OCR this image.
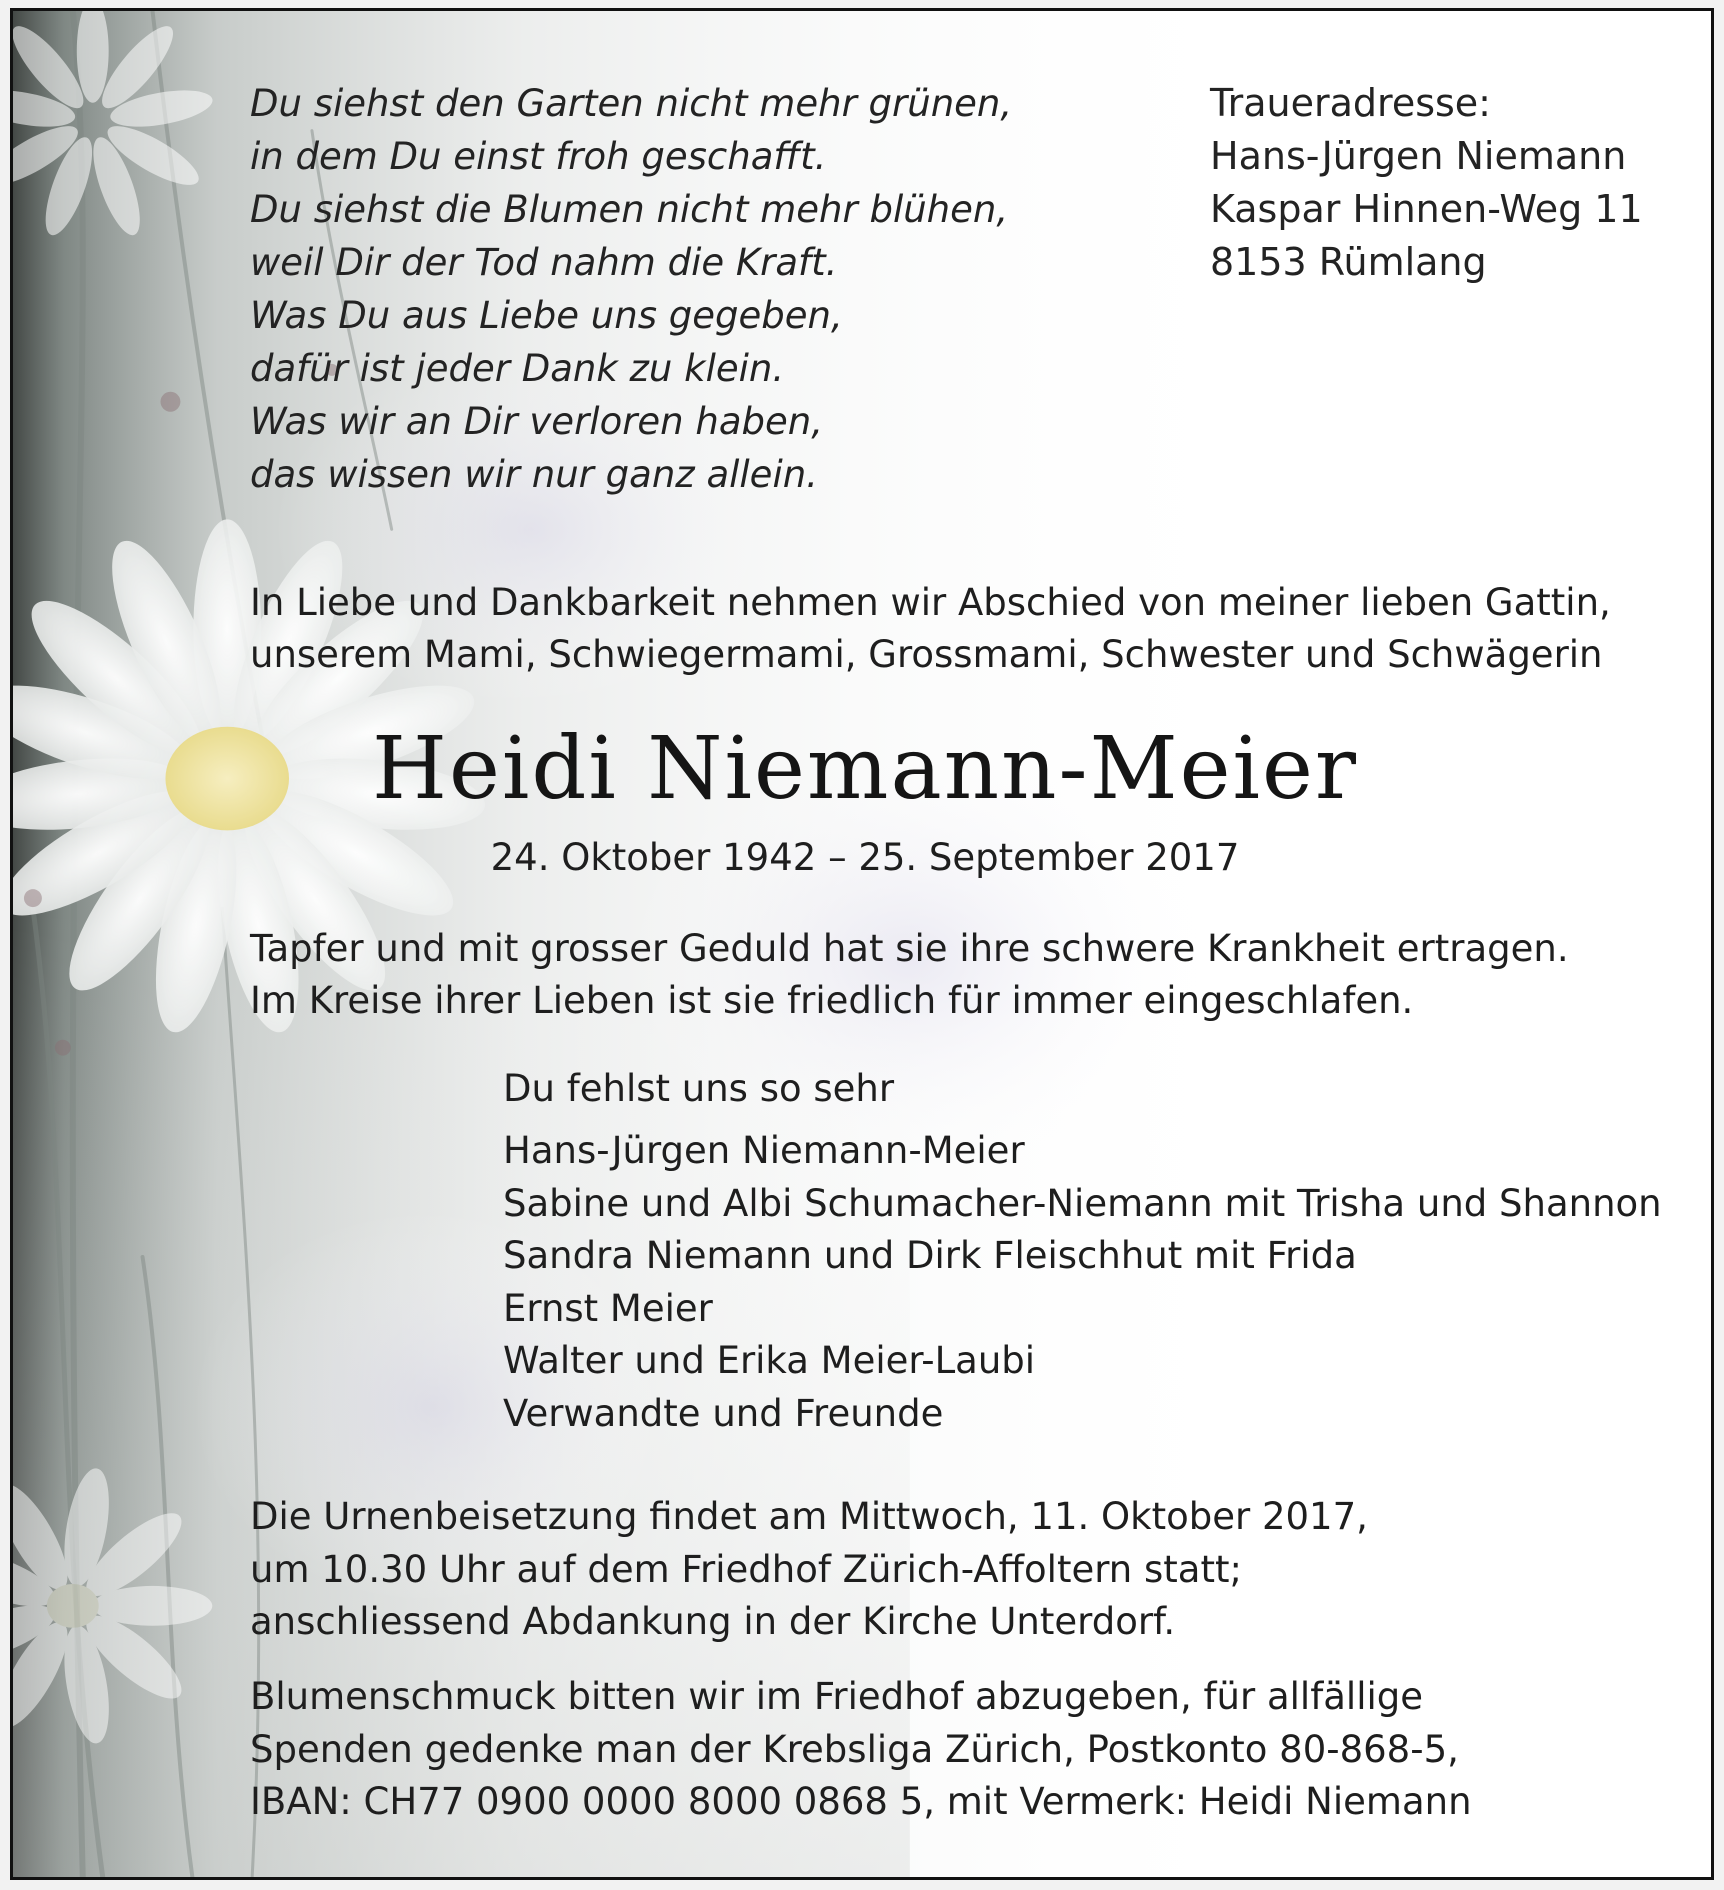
Du siehst den Garten nicht mehr grünen,
in dem Du einst froh geschafft.
Du siehst die Blumen nicht mehr blühen,
weil Dir der Tod nahm die Kraft.
Was Du aus Liebe uns gegeben,
dafür ist jeder Dank zu klein.
Was wir an Dir verloren haben,
das wissen wir nur ganz allein.
Traueradresse:
Hans-Jürgen Niemann
Kaspar Hinnen-Weg 11
8153 Rümlang
In Liebe und Dankbarkeit nehmen wir Abschied von meiner lieben Gattin,
unserem Mami, Schwiegermami, Grossmami, Schwester und Schwägerin
Heidi Niemann-Meier
24. Oktober 1942 – 25. September 2017
Tapfer und mit grosser Geduld hat sie ihre schwere Krankheit ertragen.
Im Kreise ihrer Lieben ist sie friedlich für immer eingeschlafen.
Du fehlst uns so sehr
Hans-Jürgen Niemann-Meier
Sabine und Albi Schumacher-Niemann mit Trisha und Shannon
Sandra Niemann und Dirk Fleischhut mit Frida
Ernst Meier
Walter und Erika Meier-Laubi
Verwandte und Freunde
Die Urnenbeisetzung findet am Mittwoch, 11. Oktober 2017,
um 10.30 Uhr auf dem Friedhof Zürich-Affoltern statt;
anschliessend Abdankung in der Kirche Unterdorf.
Blumenschmuck bitten wir im Friedhof abzugeben, für allfällige
Spenden gedenke man der Krebsliga Zürich, Postkonto 80-868-5,
IBAN: CH77 0900 0000 8000 0868 5, mit Vermerk: Heidi Niemann
